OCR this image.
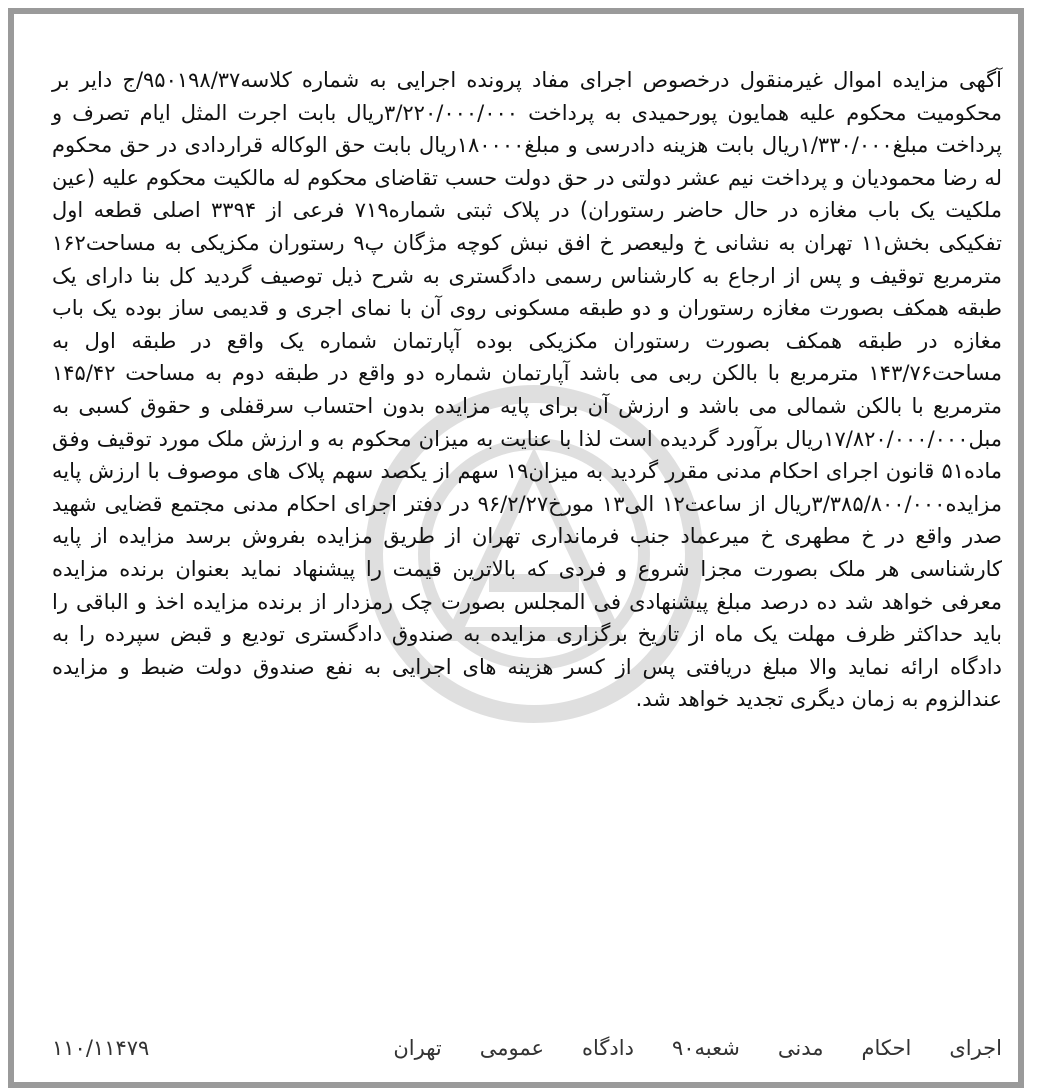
آگهی مزایده اموال غیرمنقول درخصوص اجرای مفاد پرونده اجرایی به شماره کلاسه۹۵۰۱۹۸/۳۷/ج دایر بر محکومیت محکوم علیه همایون پورحمیدی به پرداخت ۳/۲۲۰/۰۰۰/۰۰۰ریال بابت اجرت المثل ایام تصرف و پرداخت مبلغ۱/۳۳۰/۰۰۰ریال بابت هزینه دادرسی و مبلغ۱۸۰۰۰۰ریال بابت حق الوکاله قراردادی در حق محکوم له رضا محمودیان و پرداخت نیم عشر دولتی در حق دولت حسب تقاضای محکوم له مالکیت محکوم علیه (عین ملکیت یک باب مغازه در حال حاضر رستوران) در پلاک ثبتی شماره۷۱۹ فرعی از ۳۳۹۴ اصلی قطعه اول تفکیکی بخش۱۱ تهران به نشانی خ ولیعصر خ افق نبش کوچه مژگان پ۹ رستوران مکزیکی به مساحت۱۶۲ مترمربع توقیف و پس از ارجاع به کارشناس رسمی دادگستری به شرح ذیل توصیف گردید کل بنا دارای یک طبقه همکف بصورت مغازه رستوران و دو طبقه مسکونی روی آن با نمای اجری و قدیمی ساز بوده یک باب مغازه در طبقه همکف بصورت رستوران مکزیکی بوده آپارتمان شماره یک واقع در طبقه اول به مساحت۱۴۳/۷۶ مترمربع با بالکن ربی می باشد آپارتمان شماره دو واقع در طبقه دوم به مساحت ۱۴۵/۴۲ مترمربع با بالکن شمالی می باشد و ارزش آن برای پایه مزایده بدون احتساب سرقفلی و حقوق کسبی به مبل۱۷/۸۲۰/۰۰۰/۰۰۰ریال برآورد گردیده است لذا با عنایت به میزان محکوم به و ارزش ملک مورد توقیف وفق ماده۵۱ قانون اجرای احکام مدنی مقرر گردید به میزان۱۹ سهم از یکصد سهم پلاک های موصوف با ارزش پایه مزایده۳/۳۸۵/۸۰۰/۰۰۰ریال از ساعت۱۲ الی۱۳ مورخ۹۶/۲/۲۷ در دفتر اجرای احکام مدنی مجتمع قضایی شهید صدر واقع در خ مطهری خ میرعماد جنب فرمانداری تهران از طریق مزایده بفروش برسد مزایده از پایه کارشناسی هر ملک بصورت مجزا شروع و فردی که بالاترین قیمت را پیشنهاد نماید بعنوان برنده مزایده معرفی خواهد شد ده درصد مبلغ پیشنهادی فی المجلس بصورت چک رمزدار از برنده مزایده اخذ و الباقی را باید حداکثر ظرف مهلت یک ماه از تاریخ برگزاری مزایده به صندوق دادگستری تودیع و قبض سپرده را به دادگاه ارائه نماید والا مبلغ دریافتی پس از کسر هزینه های اجرایی به نفع صندوق دولت ضبط و مزایده عندالزوم به زمان دیگری تجدید خواهد شد.

اجرای
احکام
مدنی
شعبه۹۰
دادگاه
عمومی
تهران
۱۱۰/۱۱۴۷۹
